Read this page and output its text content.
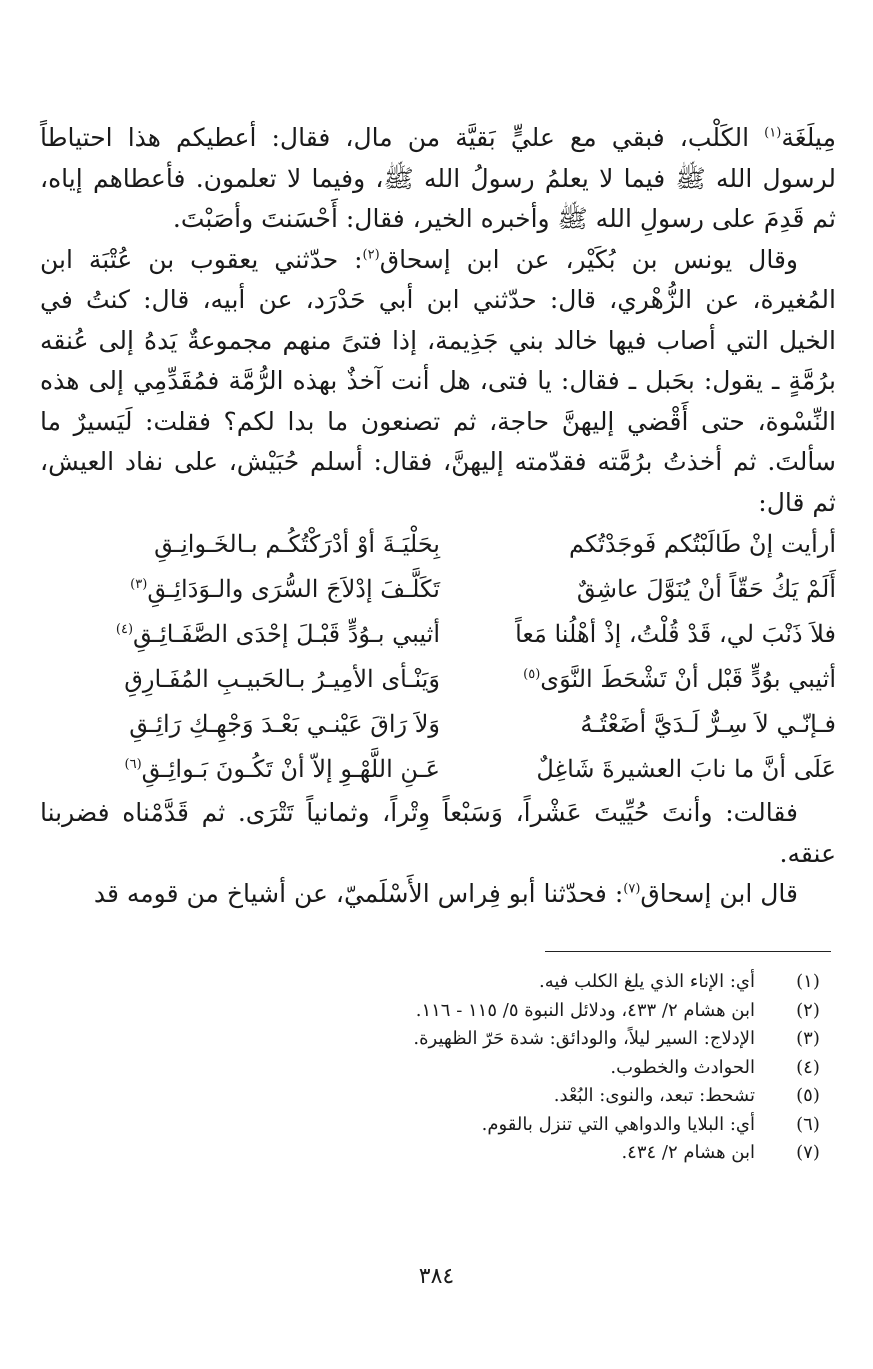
مِيلَغَة$^{(١)}$ الكَلْب، فبقي مع عليٍّ بَقيَّة من مال، فقال: أعطيكم هذا احتياطاً لرسول الله ﷺ فيما لا يعلمُ رسولُ الله ﷺ، وفيما لا تعلمون. فأعطاهم إياه، ثم قَدِمَ على رسولِ الله ﷺ وأخبره الخير، فقال: أَحْسَنتَ وأصَبْتَ.

وقال يونس بن بُكَيْر، عن ابن إسحاق$^{(٢)}$: حدّثني يعقوب بن عُتْبَة ابن المُغيرة، عن الزُّهْري، قال: حدّثني ابن أبي حَدْرَد، عن أبيه، قال: كنتُ في الخيل التي أصاب فيها خالد بني جَذِيمة، إذا فتىً منهم مجموعةٌ يَدهُ إلى عُنقه برُمَّةٍ ـ يقول: بحَبل ـ فقال: يا فتى، هل أنت آخذٌ بهذه الرُّمَّة فمُقَدِّمِي إلى هذه النِّسْوة، حتى أَقْضي إليهنَّ حاجة، ثم تصنعون ما بدا لكم؟ فقلت: لَيَسيرٌ ما سألتَ. ثم أخذتُ برُمَّته فقدّمته إليهنَّ، فقال: أسلم حُبَيْش، على نفاد العيش، ثم قال:

أرأيت إنْ طَالَبْتُكم فَوجَدْتُكم
بِحَلْيَـةَ أوْ أدْرَكْتُكُـم بـالخَـوانِـقِ
أَلَمْ يَكُ حَقّاً أنْ يُنَوَّلَ عاشِقٌ
تَكَلَّـفَ إدْلاَجَ السُّرَى والـوَدَائِـقِ$^{(٣)}$
فلاَ ذَنْبَ لي، قَدْ قُلْتُ، إذْ أهْلُنا مَعاً
أثيبي بـوُدٍّ قَبْـلَ إحْدَى الصَّفَـائِـقِ$^{(٤)}$
أثيبي بوُدٍّ قَبْل أنْ تَشْحَطَ النَّوَى$^{(٥)}$
وَيَنْـأى الأمِيـرُ بـالحَبيـبِ المُفَـارِقِ
فـإنّـي لاَ سِـرٌّ لَـدَيَّ أضَعْتُـهُ
وَلاَ رَاقَ عَيْنـي بَعْـدَ وَجْهِـكِ رَائِـقِ
عَلَى أنَّ ما نابَ العشيرةَ شَاغِلٌ
عَـنِ اللَّهْـوِ إلاّ أنْ تَكُـونَ بَـوائِـقِ$^{(٦)}$

فقالت: وأنتَ حُيِّيتَ عَشْراً، وَسَبْعاً وِتْراً، وثمانياً تَتْرَى. ثم قَدَّمْناه فضربنا عنقه.

قال ابن إسحاق$^{(٧)}$: فحدّثنا أبو فِراس الأَسْلَميّ، عن أشياخ من قومه قد

(١)
أي: الإناء الذي يلغ الكلب فيه.
(٢)
ابن هشام ٢/ ٤٣٣، ودلائل النبوة ٥/ ١١٥ - ١١٦.
(٣)
الإدلاج: السير ليلاً، والودائق: شدة حَرّ الظهيرة.
(٤)
الحوادث والخطوب.
(٥)
تشحط: تبعد، والنوى: البُعْد.
(٦)
أي: البلايا والدواهي التي تنزل بالقوم.
(٧)
ابن هشام ٢/ ٤٣٤.
٣٨٤
